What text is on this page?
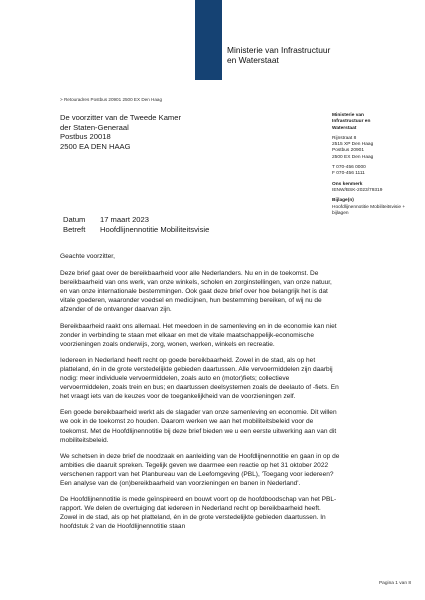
Ministerie van Infrastructuur
en Waterstaat
> Retouradres Postbus 20901 2500 EX Den Haag
De voorzitter van de Tweede Kamer
der Staten-Generaal
Postbus 20018
2500 EA DEN HAAG
Ministerie van
Infrastructuur en
Waterstaat
Rijnstraat 8
2515 XP Den Haag
Postbus 20901
2500 EX Den Haag
T 070-456 0000
F 070-456 1111
Ons kenmerk
IENW/BSK-2023/79319
Bijlage(n)
Hoofdlijnennotitie Mobiliteitsvisie + bijlagen
Datum	17 maart 2023
Betreft	Hoofdlijnennotitie Mobiliteitsvisie

Geachte voorzitter,

Deze brief gaat over de bereikbaarheid voor alle Nederlanders. Nu en in de toekomst. De bereikbaarheid van ons werk, van onze winkels, scholen en zorginstellingen, van onze natuur, en van onze internationale bestemmingen. Ook gaat deze brief over hoe belangrijk het is dat vitale goederen, waaronder voedsel en medicijnen, hun bestemming bereiken, of wij nu de afzender of de ontvanger daarvan zijn.

Bereikbaarheid raakt ons allemaal. Het meedoen in de samenleving en in de economie kan niet zonder in verbinding te staan met elkaar en met de vitale maatschappelijk-economische voorzieningen zoals onderwijs, zorg, wonen, werken, winkels en recreatie.

Iedereen in Nederland heeft recht op goede bereikbaarheid. Zowel in de stad, als op het platteland, én in de grote verstedelijkte gebieden daartussen. Alle vervoermiddelen zijn daarbij nodig: meer individuele vervoermiddelen, zoals auto en (motor)fiets; collectieve vervoermiddelen, zoals trein en bus; en daartussen deelsystemen zoals de deelauto of -fiets. En het vraagt iets van de keuzes voor de toegankelijkheid van de voorzieningen zelf.

Een goede bereikbaarheid werkt als de slagader van onze samenleving en economie. Dit willen we ook in de toekomst zo houden. Daarom werken we aan het mobiliteitsbeleid voor de toekomst. Met de Hoofdlijnennotitie bij deze brief bieden we u een eerste uitwerking aan van dit mobiliteitsbeleid.

We schetsen in deze brief de noodzaak en aanleiding van de Hoofdlijnennotitie en gaan in op de ambities die daaruit spreken. Tegelijk geven we daarmee een reactie op het 31 oktober 2022 verschenen rapport van het Planbureau van de Leefomgeving (PBL), 'Toegang voor iedereen? Een analyse van de (on)bereikbaarheid van voorzieningen en banen in Nederland'.

De Hoofdlijnennotitie is mede geïnspireerd en bouwt voort op de hoofdboodschap van het PBL-rapport. We delen de overtuiging dat iedereen in Nederland recht op bereikbaarheid heeft. Zowel in de stad, als op het platteland, én in de grote verstedelijkte gebieden daartussen. In hoofdstuk 2 van de Hoofdlijnennotitie staan

Pagina 1 van 8
